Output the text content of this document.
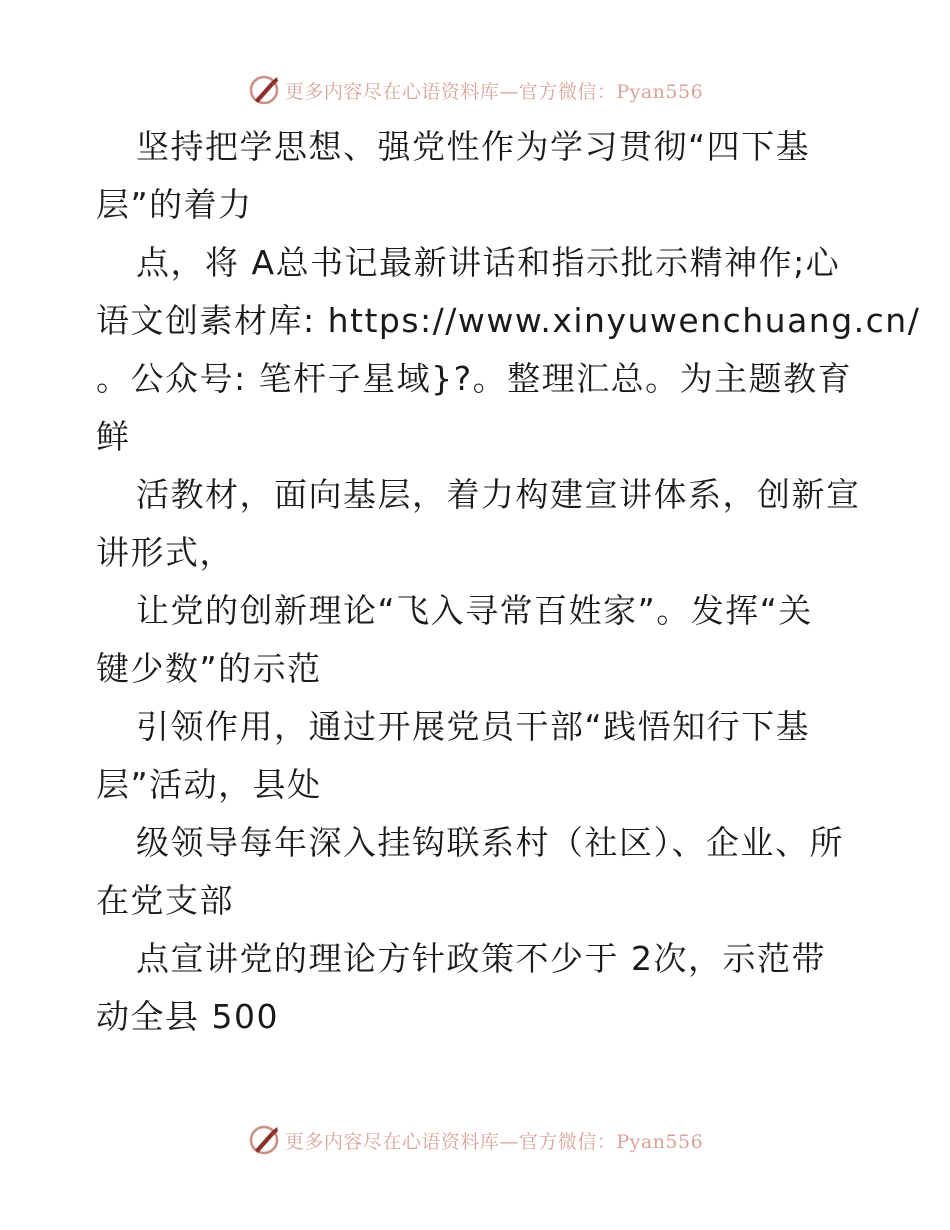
更多内容尽在心语资料库—官方微信：Pyan556
坚持把学思想、强党性作为学习贯彻“四下基
层”的着力
点，将 A总书记最新讲话和指示批示精神作;心
语文创素材库: https://www.xinyuwenchuang.cn/
。公众号: 笔杆子星域}?。整理汇总。为主题教育
鲜
活教材，面向基层，着力构建宣讲体系，创新宣
讲形式，
让党的创新理论“飞入寻常百姓家”。发挥“关
键少数”的示范
引领作用，通过开展党员干部“践悟知行下基
层”活动，县处
级领导每年深入挂钩联系村（社区）、企业、所
在党支部
点宣讲党的理论方针政策不少于 2次，示范带
动全县 500
更多内容尽在心语资料库—官方微信：Pyan556
